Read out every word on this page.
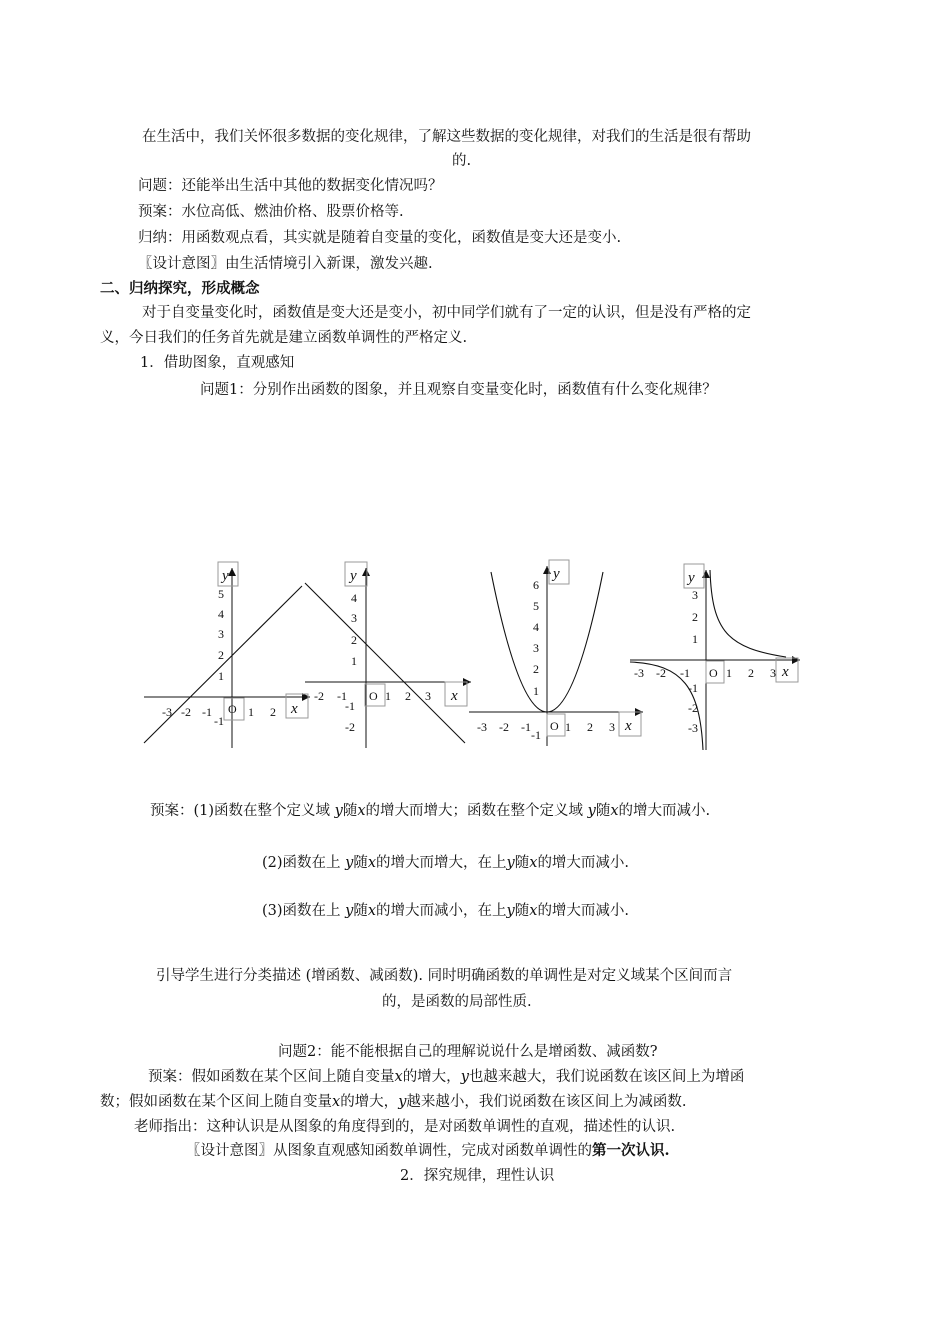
在生活中，我们关怀很多数据的变化规律，了解这些数据的变化规律，对我们的生活是很有帮助
的.
问题：还能举出生活中其他的数据变化情况吗？
预案：水位高低、燃油价格、股票价格等.
归纳：用函数观点看，其实就是随着自变量的变化，函数值是变大还是变小.
〖设计意图〗由生活情境引入新课，激发兴趣.
二、归纳探究，形成概念
对于自变量变化时，函数值是变大还是变小，初中同学们就有了一定的认识，但是没有严格的定
义，今日我们的任务首先就是建立函数单调性的严格定义.
1．借助图象，直观感知
问题1：分别作出函数的图象，并且观察自变量变化时，函数值有什么变化规律？
y
x
O
-3 -2 -1	1 2
5
4
3
2
1
-1
y
x
O
-2 -1	1 2 3
4
3
2
1
-1
-2
y
x
O
-3 -2 -1	1 2 3
6
5
4
3
2
1
-1
y
x
O
-3 -2 -1	1 2 3
3
2
1
-1
-2
-3
预案：(1)函数在整个定义域 y随x的增大而增大；函数在整个定义域 y随x的增大而减小.
(2)函数在上 y随x的增大而增大，在上y随x的增大而减小.
(3)函数在上 y随x的增大而减小，在上y随x的增大而减小.
引导学生进行分类描述 (增函数、减函数). 同时明确函数的单调性是对定义域某个区间而言
的，是函数的局部性质.
问题2：能不能根据自己的理解说说什么是增函数、减函数?
预案：假如函数在某个区间上随自变量x的增大，y也越来越大，我们说函数在该区间上为增函
数；假如函数在某个区间上随自变量x的增大，y越来越小，我们说函数在该区间上为减函数.
老师指出：这种认识是从图象的角度得到的，是对函数单调性的直观，描述性的认识.
〖设计意图〗从图象直观感知函数单调性，完成对函数单调性的第一次认识.
2．探究规律，理性认识
